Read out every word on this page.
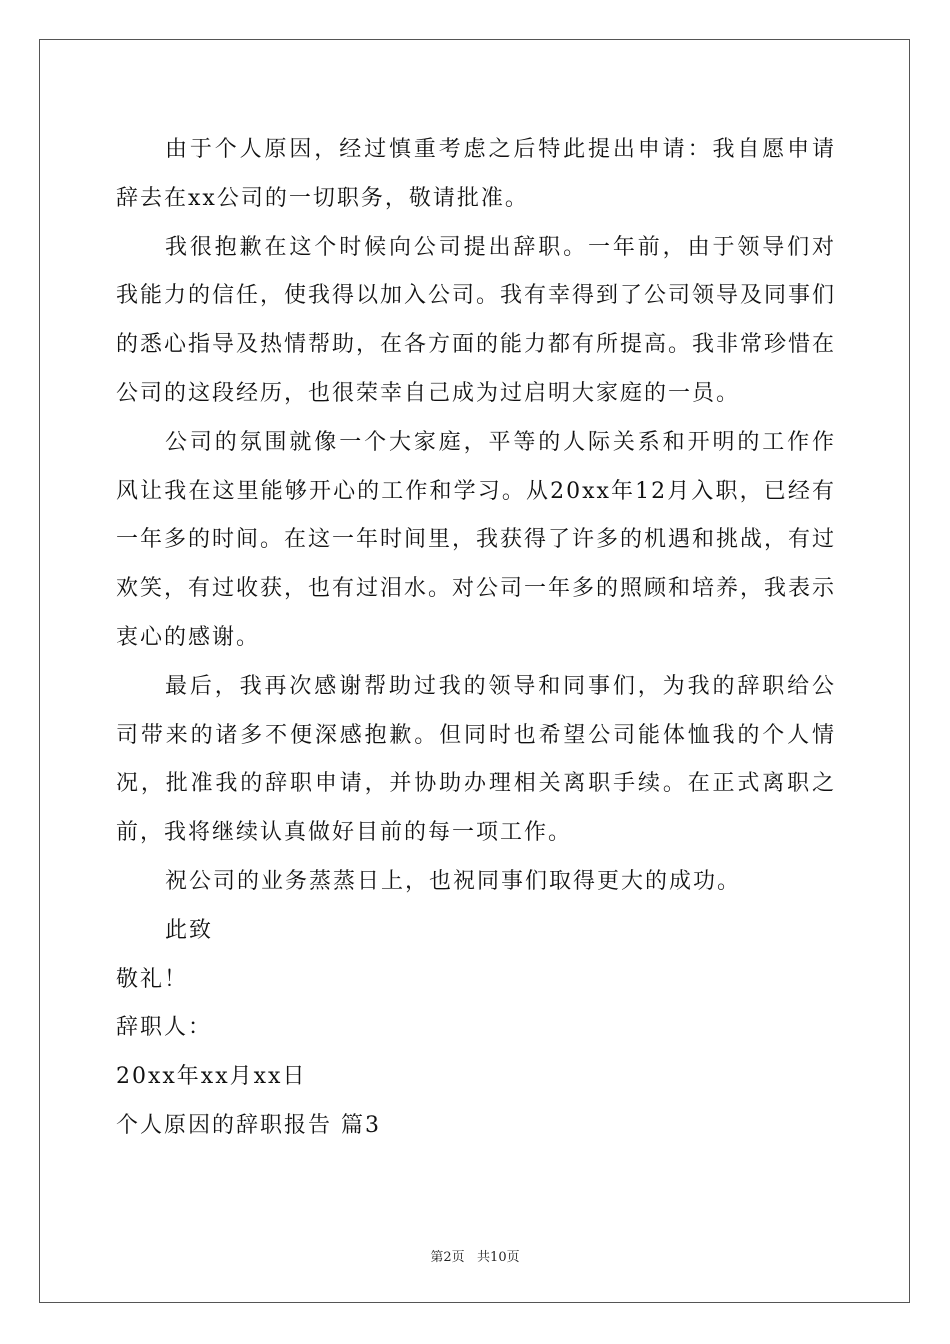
由于个人原因，经过慎重考虑之后特此提出申请：我自愿申请辞去在xx公司的一切职务，敬请批准。

我很抱歉在这个时候向公司提出辞职。一年前，由于领导们对我能力的信任，使我得以加入公司。我有幸得到了公司领导及同事们的悉心指导及热情帮助，在各方面的能力都有所提高。我非常珍惜在公司的这段经历，也很荣幸自己成为过启明大家庭的一员。

公司的氛围就像一个大家庭，平等的人际关系和开明的工作作风让我在这里能够开心的工作和学习。从20xx年12月入职，已经有一年多的时间。在这一年时间里，我获得了许多的机遇和挑战，有过欢笑，有过收获，也有过泪水。对公司一年多的照顾和培养，我表示衷心的感谢。

最后，我再次感谢帮助过我的领导和同事们，为我的辞职给公司带来的诸多不便深感抱歉。但同时也希望公司能体恤我的个人情况，批准我的辞职申请，并协助办理相关离职手续。在正式离职之前，我将继续认真做好目前的每一项工作。

祝公司的业务蒸蒸日上，也祝同事们取得更大的成功。

此致

敬礼！

辞职人：

20xx年xx月xx日

个人原因的辞职报告 篇3

第2页   共10页
